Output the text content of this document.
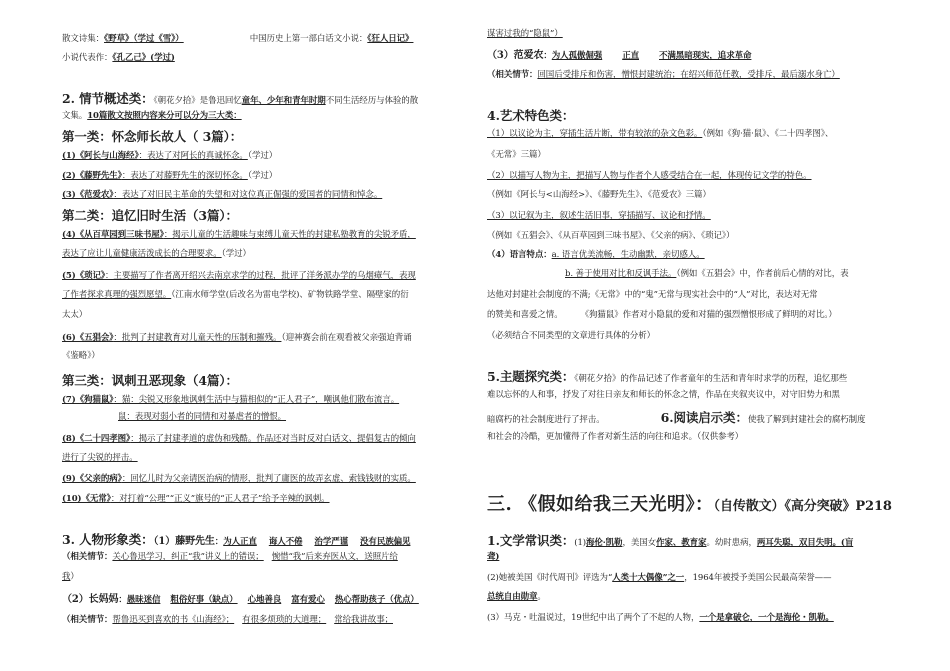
散文诗集：《野草》（学过《雪》）	中国历史上第一部白话文小说：《狂人日记》
小说代表作：《孔乙己》(学过)
2. 情节概述类：《朝花夕拾》是鲁迅回忆童年、少年和青年时期不同生活经历与体验的散
文集。10篇散文按照内容来分可以分为三大类：
第一类：怀念师长故人（ 3篇）：
(1)《阿长与山海经》：表达了对阿长的真诚怀念。（学过）
(2)《藤野先生》：表达了对藤野先生的深切怀念。（学过）
(3)《范爱农》：表达了对旧民主革命的失望和对这位真正倔强的爱国者的同情和悼念。
第二类：追忆旧时生活（3篇）：
(4)《从百草园到三味书屋》：揭示儿童的生活趣味与束缚儿童天性的封建私塾教育的尖锐矛盾，
表达了应让儿童健康活泼成长的合理要求。（学过）
(5)《琐记》：主要描写了作者离开绍兴去南京求学的过程，批评了洋务派办学的乌烟瘴气，表现
了作者探求真理的强烈愿望。（江南水师学堂(后改名为雷电学校)、矿物铁路学堂、隔壁家的衍
太太）
(6)《五猖会》：批判了封建教育对儿童天性的压制和摧残。（迎神赛会前在观看被父亲强迫背诵
《鉴略》）
第三类：讽刺丑恶现象（4篇）：
(7)《狗猫鼠》：猫：尖锐又形象地讽刺生活中与猫相似的“正人君子”，嘲讽他们散布流言。
鼠：表现对弱小者的同情和对暴虐者的憎恨。
(8)《二十四孝图》：揭示了封建孝道的虚伪和残酷。作品还对当时反对白话文、提倡复古的倾向
进行了尖锐的抨击。
(9)《父亲的病》：回忆儿时为父亲请医治病的情形，批判了庸医的故弄玄虚、索钱钱财的实质。
(10)《无常》：对打着“公理”“正义”旗号的“正人君子”给予辛辣的讽刺。
3. 人物形象类：（1）藤野先生：为人正直 诲人不倦 治学严谨 没有民族偏见
（相关情节：关心鲁迅学习，纠正“我”讲义上的错误； 惋惜“我”后来弃医从文，送照片给
我）
（2）长妈妈：愚昧迷信 粗俗好事（缺点） 心地善良 富有爱心 热心帮助孩子（优点）
（相关情节：帮鲁迅买到喜欢的书《山海经》； 有很多烦琐的大道理； 常给我讲故事；
谋害过我的“隐鼠”）
（3）范爱农：为人孤傲倔强 正直 不满黑暗现实，追求革命
（相关情节：回国后受排斥和伤害，憎恨封建统治；在绍兴师范任教，受排斥，最后溺水身亡）
4.艺术特色类：
（1）以议论为主，穿插生活片断，带有较浓的杂文色彩。（例如《狗·猫·鼠》、《二十四孝图》、
《无常》三篇）
（2）以描写人物为主，把描写人物与作者个人感受结合在一起，体现传记文学的特色。
（例如《阿长与<山海经>》、《藤野先生》、《范爱农》三篇）
（3）以记叙为主，叙述生活旧事，穿插描写、议论和抒情。
（例如《五猖会》、《从百草园到三味书屋》、《父亲的病》、《琐记》）
（4）语言特点：a. 语言优美流畅，生动幽默，亲切感人。
b. 善于使用对比和反讽手法。（例如《五猖会》中，作者前后心情的对比，表
达他对封建社会制度的不满;《无常》中的“鬼”无常与现实社会中的“人”对比，表达对无常
的赞美和喜爱之情。 《狗猫鼠》作者对小隐鼠的爱和对猫的强烈憎恨形成了鲜明的对比。）
（必须结合不同类型的文章进行具体的分析）
5.主题探究类：《朝花夕拾》的作品记述了作者童年的生活和青年时求学的历程，追忆那些
难以忘怀的人和事，抒发了对往日亲友和师长的怀念之情，作品在夹叙夹议中，对守旧势力和黑
暗腐朽的社会制度进行了抨击。	6.阅读启示类：使我了解到封建社会的腐朽制度
和社会的冷酷，更加懂得了作者对新生活的向往和追求。（仅供参考）
三. 《假如给我三天光明》：（自传散文）《高分突破》P218
1.文学常识类：(1)海伦·凯勒，美国女作家、教育家。幼时患病，两耳失聪，双目失明。(盲
聋)
(2)她被美国《时代周刊》评选为“人类十大偶像”之一，1964年被授予美国公民最高荣誉——
总统自由勋章。
(3）马克・吐温说过，19世纪中出了两个了不起的人物，一个是拿破仑，一个是海伦・凯勒。
